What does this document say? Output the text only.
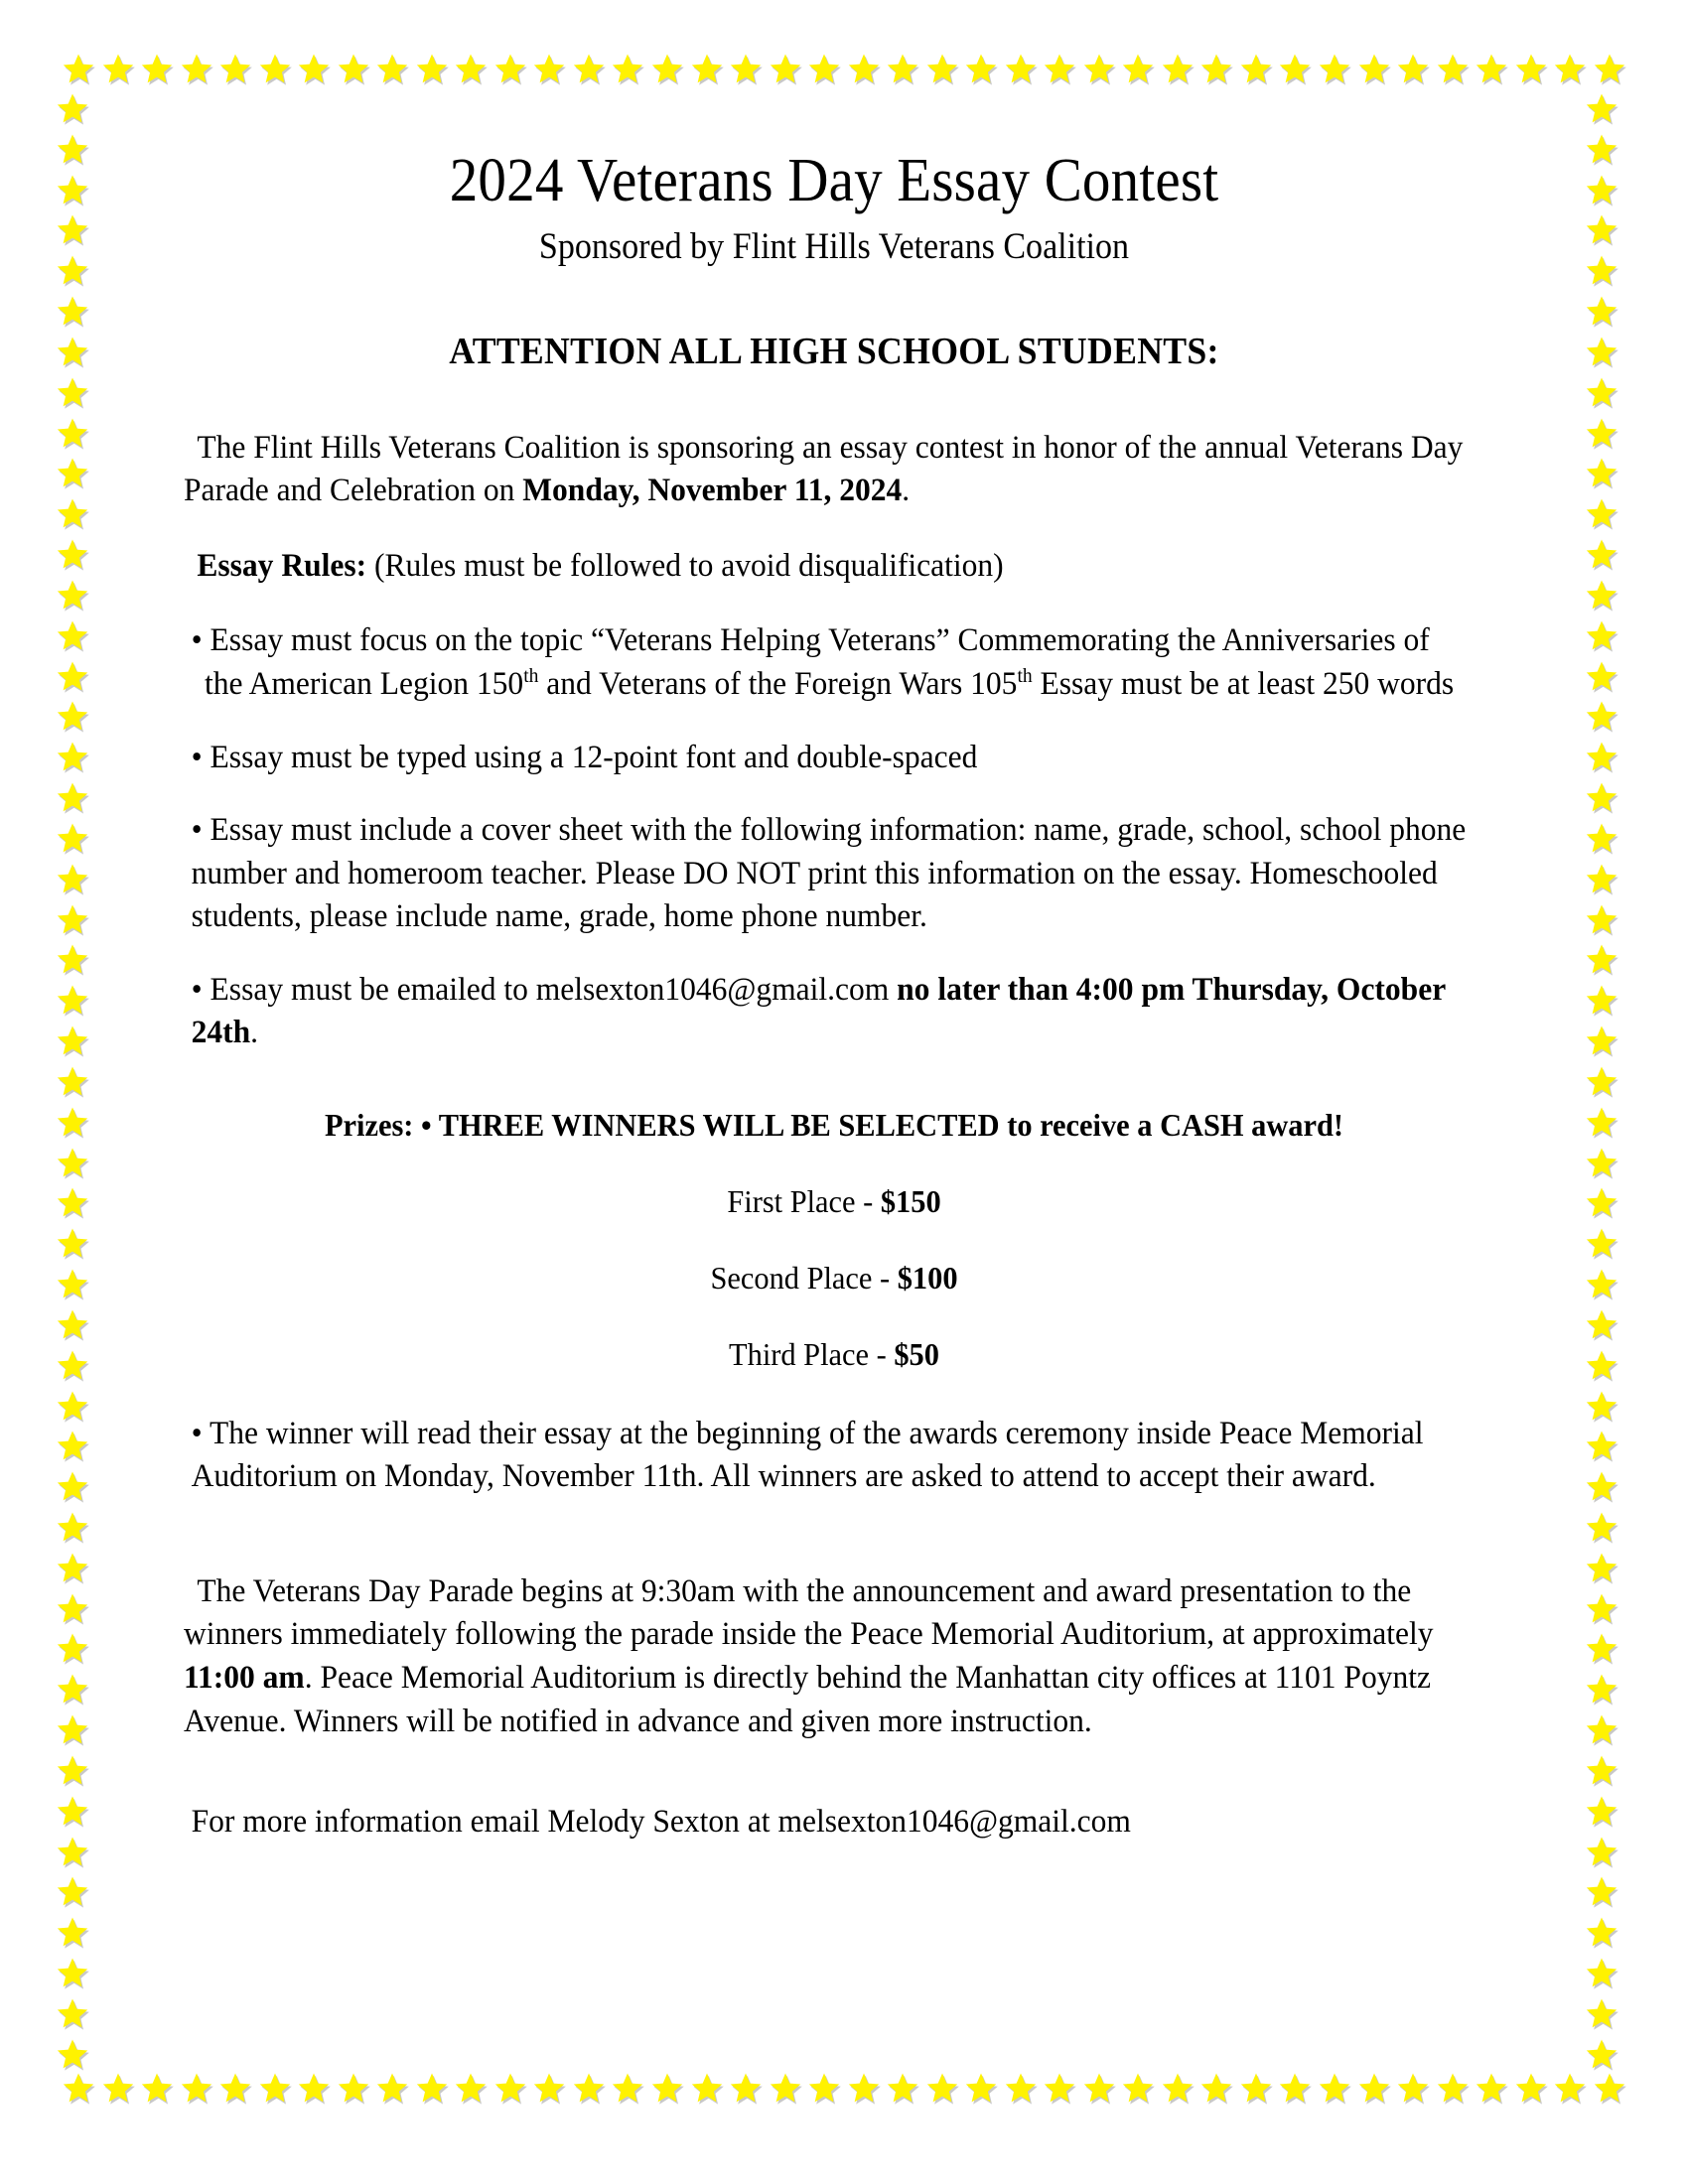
2024 Veterans Day Essay Contest
Sponsored by Flint Hills Veterans Coalition
ATTENTION ALL HIGH SCHOOL STUDENTS:

The Flint Hills Veterans Coalition is sponsoring an essay contest in honor of the annual Veterans Day Parade and Celebration on Monday, November 11, 2024.

Essay Rules: (Rules must be followed to avoid disqualification)

• Essay must focus on the topic “Veterans Helping Veterans” Commemorating the Anniversaries of the American Legion 150th and Veterans of the Foreign Wars 105th Essay must be at least 250 words
• Essay must be typed using a 12-point font and double-spaced
• Essay must include a cover sheet with the following information: name, grade, school, school phone number and homeroom teacher. Please DO NOT print this information on the essay. Homeschooled students, please include name, grade, home phone number.
• Essay must be emailed to melsexton1046@gmail.com no later than 4:00 pm Thursday, October 24th.
Prizes: • THREE WINNERS WILL BE SELECTED to receive a CASH award!
First Place - $150
Second Place - $100
Third Place - $50
• The winner will read their essay at the beginning of the awards ceremony inside Peace Memorial Auditorium on Monday, November 11th. All winners are asked to attend to accept their award.

The Veterans Day Parade begins at 9:30am with the announcement and award presentation to the winners immediately following the parade inside the Peace Memorial Auditorium, at approximately 11:00 am. Peace Memorial Auditorium is directly behind the Manhattan city offices at 1101 Poyntz Avenue. Winners will be notified in advance and given more instruction.

For more information email Melody Sexton at melsexton1046@gmail.com
